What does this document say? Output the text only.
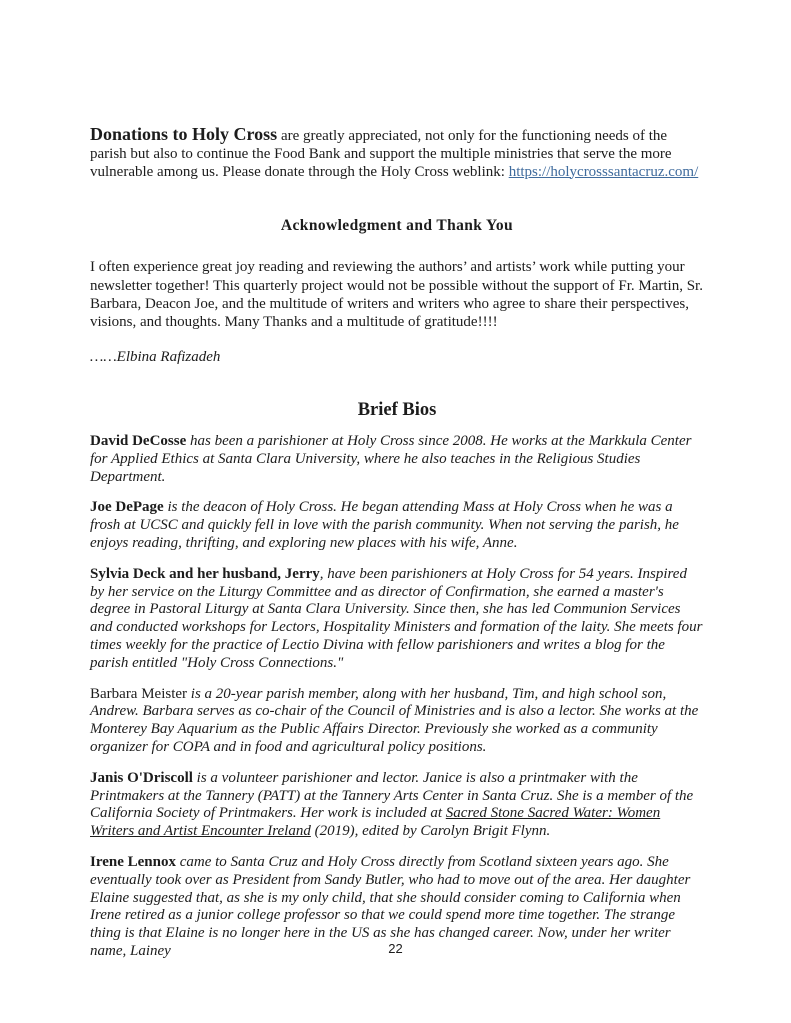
Donations to Holy Cross are greatly appreciated, not only for the functioning needs of the parish but also to continue the Food Bank and support the multiple ministries that serve the more vulnerable among us. Please donate through the Holy Cross weblink: https://holycrosssantacruz.com/

Acknowledgment and Thank You

I often experience great joy reading and reviewing the authors’ and artists’ work while putting your newsletter together! This quarterly project would not be possible without the support of Fr. Martin, Sr. Barbara, Deacon Joe, and the multitude of writers and writers who agree to share their perspectives, visions, and thoughts. Many Thanks and a multitude of gratitude!!!!

……Elbina Rafizadeh

Brief Bios

David DeCosse has been a parishioner at Holy Cross since 2008. He works at the Markkula Center for Applied Ethics at Santa Clara University, where he also teaches in the Religious Studies Department.

Joe DePage is the deacon of Holy Cross. He began attending Mass at Holy Cross when he was a frosh at UCSC and quickly fell in love with the parish community. When not serving the parish, he enjoys reading, thrifting, and exploring new places with his wife, Anne.

Sylvia Deck and her husband, Jerry, have been parishioners at Holy Cross for 54 years. Inspired by her service on the Liturgy Committee and as director of Confirmation, she earned a master's degree in Pastoral Liturgy at Santa Clara University. Since then, she has led Communion Services and conducted workshops for Lectors, Hospitality Ministers and formation of the laity. She meets four times weekly for the practice of Lectio Divina with fellow parishioners and writes a blog for the parish entitled "Holy Cross Connections."

Barbara Meister is a 20-year parish member, along with her husband, Tim, and high school son, Andrew. Barbara serves as co-chair of the Council of Ministries and is also a lector. She works at the Monterey Bay Aquarium as the Public Affairs Director. Previously she worked as a community organizer for COPA and in food and agricultural policy positions.

Janis O'Driscoll is a volunteer parishioner and lector. Janice is also a printmaker with the Printmakers at the Tannery (PATT) at the Tannery Arts Center in Santa Cruz. She is a member of the California Society of Printmakers. Her work is included at Sacred Stone Sacred Water: Women Writers and Artist Encounter Ireland (2019), edited by Carolyn Brigit Flynn.

Irene Lennox came to Santa Cruz and Holy Cross directly from Scotland sixteen years ago. She eventually took over as President from Sandy Butler, who had to move out of the area. Her daughter Elaine suggested that, as she is my only child, that she should consider coming to California when Irene retired as a junior college professor so that we could spend more time together. The strange thing is that Elaine is no longer here in the US as she has changed career. Now, under her writer name, Lainey	22
